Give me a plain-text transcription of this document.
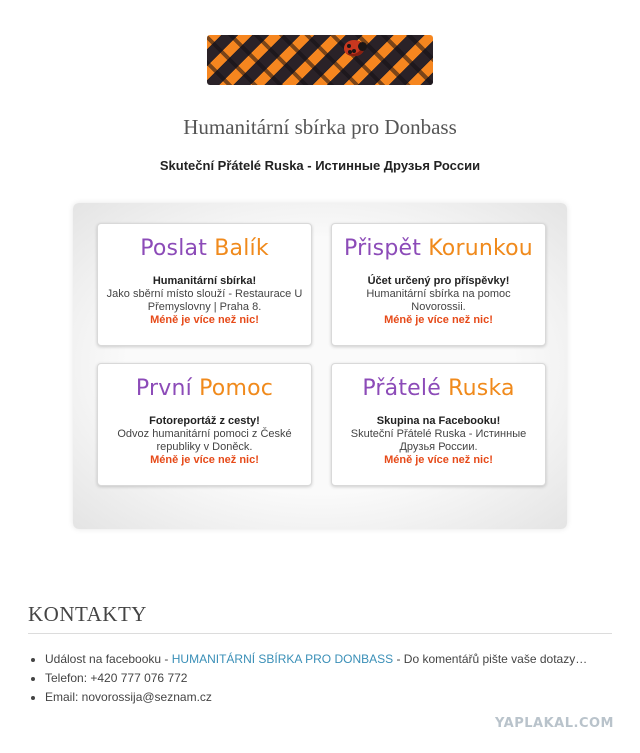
Humanitární sbírka pro Donbass
Skuteční Přátelé Ruska - Истинные Друзья России
Poslat Balík
Humanitární sbírka!
Jako sběrní místo slouží - Restaurace U Přemyslovny | Praha 8.
Méně je více než nic!
Přispět Korunkou
Účet určený pro příspěvky!
Humanitární sbírka na pomoc Novorossii.
Méně je více než nic!
První Pomoc
Fotoreportáž z cesty!
Odvoz humanitární pomoci z České republiky v Doněck.
Méně je více než nic!
Přátelé Ruska
Skupina na Facebooku!
Skuteční Přátelé Ruska - Истинные Друзья России.
Méně je více než nic!
KONTAKTY
• Událost na facebooku - HUMANITÁRNÍ SBÍRKA PRO DONBASS - Do komentářů pište vaše dotazy…
• Telefon: +420 777 076 772
• Email: novorossija@seznam.cz
YAPLAKAL.COM
